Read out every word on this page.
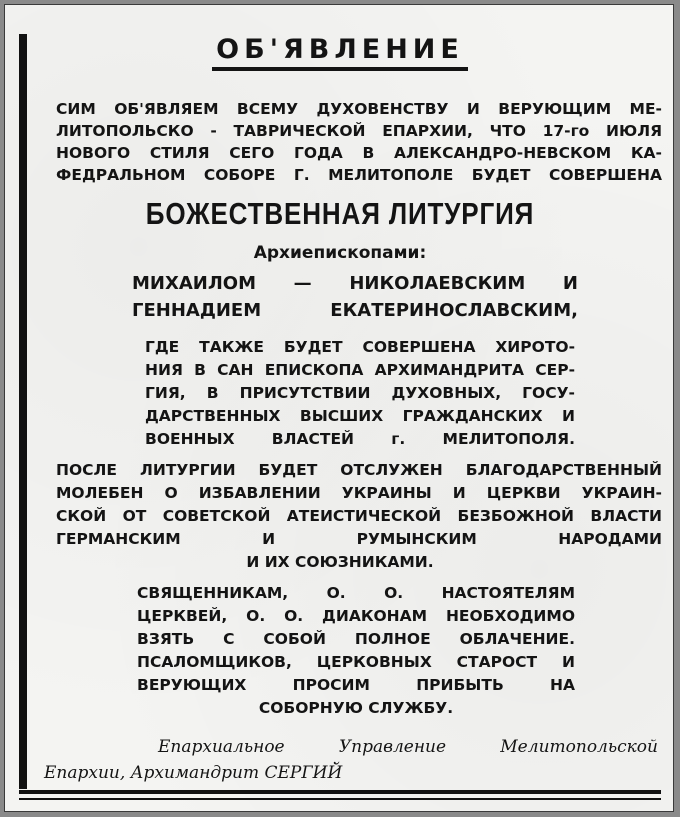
ОБ'ЯВЛЕНИЕ

СИМ ОБ'ЯВЛЯЕМ ВСЕМУ ДУХОВЕНСТВУ И ВЕРУЮЩИМ МЕ-

ЛИТОПОЛЬСКО - ТАВРИЧЕСКОЙ ЕПАРХИИ, ЧТО 17-го ИЮЛЯ

НОВОГО СТИЛЯ СЕГО ГОДА В АЛЕКСАНДРО-НЕВСКОМ КА-

ФЕДРАЛЬНОМ СОБОРЕ Г. МЕЛИТОПОЛЕ БУДЕТ СОВЕРШЕНА

БОЖЕСТВЕННАЯ ЛИТУРГИЯ
Архиепископами:
МИХАИЛОМ — НИКОЛАЕВСКИМ И
ГЕННАДИЕМ ЕКАТЕРИНОСЛАВСКИМ,

ГДЕ ТАКЖЕ БУДЕТ СОВЕРШЕНА ХИРОТО-

НИЯ В САН ЕПИСКОПА АРХИМАНДРИТА СЕР-

ГИЯ, В ПРИСУТСТВИИ ДУХОВНЫХ, ГОСУ-

ДАРСТВЕННЫХ ВЫСШИХ ГРАЖДАНСКИХ И

ВОЕННЫХ ВЛАСТЕЙ г. МЕЛИТОПОЛЯ.

ПОСЛЕ ЛИТУРГИИ БУДЕТ ОТСЛУЖЕН БЛАГОДАРСТВЕННЫЙ

МОЛЕБЕН О ИЗБАВЛЕНИИ УКРАИНЫ И ЦЕРКВИ УКРАИН-

СКОЙ ОТ СОВЕТСКОЙ АТЕИСТИЧЕСКОЙ БЕЗБОЖНОЙ ВЛАСТИ

ГЕРМАНСКИМ И РУМЫНСКИМ НАРОДАМИ

И ИХ СОЮЗНИКАМИ.

СВЯЩЕННИКАМ, О. О. НАСТОЯТЕЛЯМ

ЦЕРКВЕЙ, О. О. ДИАКОНАМ НЕОБХОДИМО

ВЗЯТЬ С СОБОЙ ПОЛНОЕ ОБЛАЧЕНИЕ.

ПСАЛОМЩИКОВ, ЦЕРКОВНЫХ СТАРОСТ И

ВЕРУЮЩИХ ПРОСИМ ПРИБЫТЬ НА

СОБОРНУЮ СЛУЖБУ.

Епархиальное Управление Мелитопольской

Епархии, Архимандрит СЕРГИЙ
